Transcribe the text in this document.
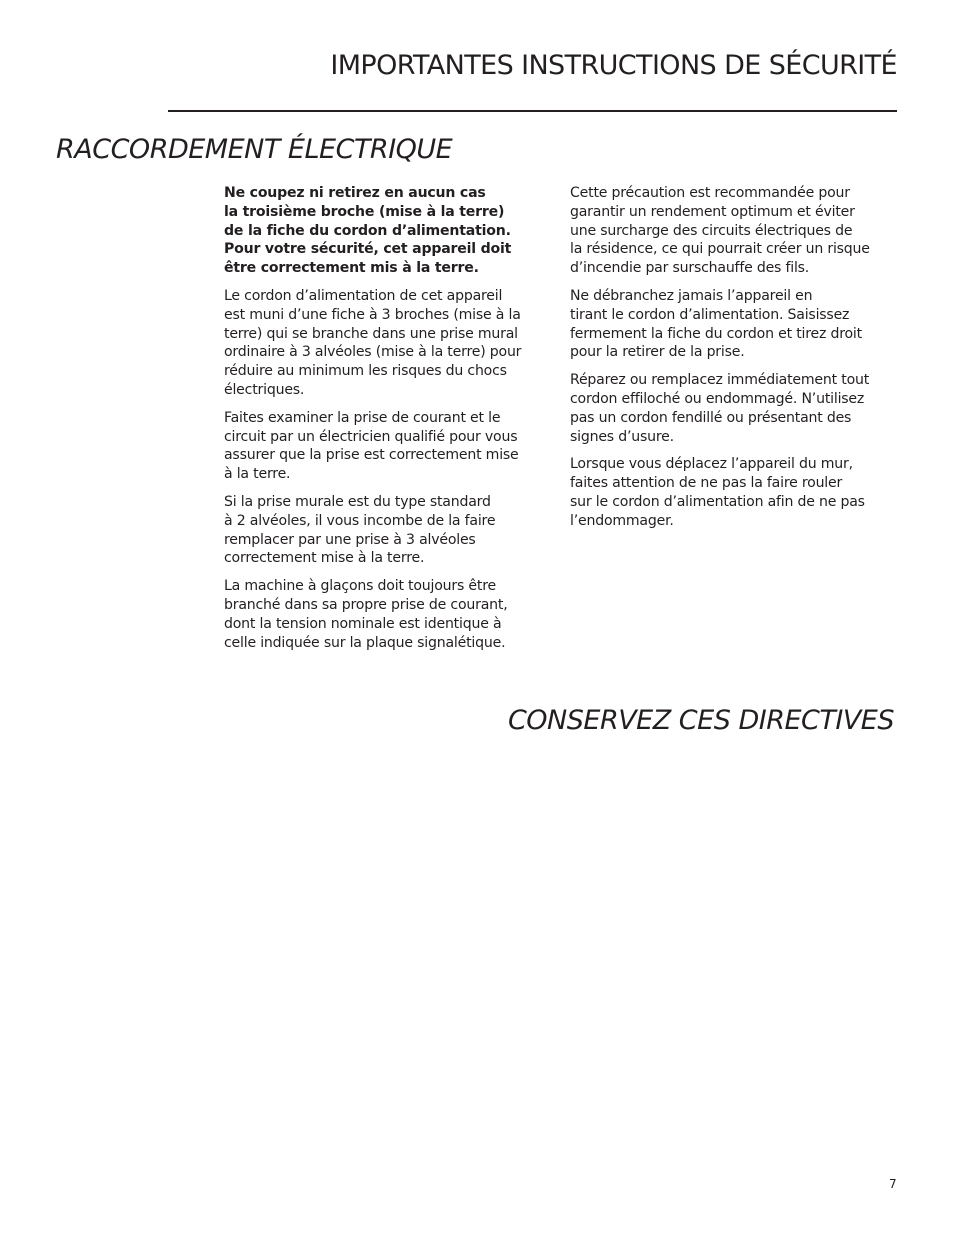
IMPORTANTES INSTRUCTIONS DE SÉCURITÉ
RACCORDEMENT ÉLECTRIQUE

Ne coupez ni retirez en aucun cas
la troisième broche (mise à la terre)
de la fiche du cordon d’alimentation.
Pour votre sécurité, cet appareil doit
être correctement mis à la terre.

Le cordon d’alimentation de cet appareil
est muni d’une fiche à 3 broches (mise à la
terre) qui se branche dans une prise mural
ordinaire à 3 alvéoles (mise à la terre) pour
réduire au minimum les risques du chocs
électriques.

Faites examiner la prise de courant et le
circuit par un électricien qualifié pour vous
assurer que la prise est correctement mise
à la terre.

Si la prise murale est du type standard
à 2 alvéoles, il vous incombe de la faire
remplacer par une prise à 3 alvéoles
correctement mise à la terre.

La machine à glaçons doit toujours être
branché dans sa propre prise de courant,
dont la tension nominale est identique à
celle indiquée sur la plaque signalétique.

Cette précaution est recommandée pour
garantir un rendement optimum et éviter
une surcharge des circuits électriques de
la résidence, ce qui pourrait créer un risque
d’incendie par surschauffe des fils.

Ne débranchez jamais l’appareil en
tirant le cordon d’alimentation. Saisissez
fermement la fiche du cordon et tirez droit
pour la retirer de la prise.

Réparez ou remplacez immédiatement tout
cordon effiloché ou endommagé. N’utilisez
pas un cordon fendillé ou présentant des
signes d’usure.

Lorsque vous déplacez l’appareil du mur,
faites attention de ne pas la faire rouler
sur le cordon d’alimentation afin de ne pas
l’endommager.

CONSERVEZ CES DIRECTIVES
7
